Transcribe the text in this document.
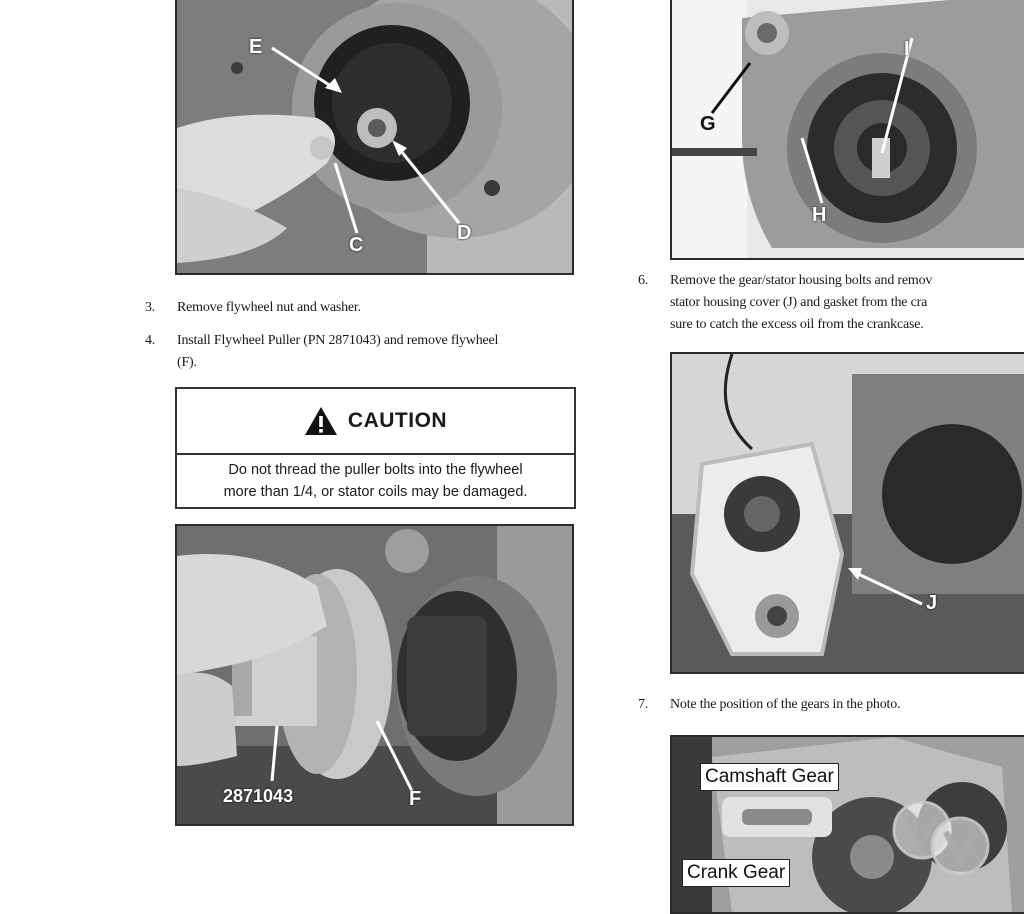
E
C
D
G
I
H
3.	Remove flywheel nut and washer.
4.	Install Flywheel Puller (PN 2871043) and remove flywheel
(F).
CAUTION
Do not thread the puller bolts into the flywheel
more than 1/4, or stator coils may be damaged.
2871043	F
6.	Remove the gear/stator housing bolts and remov
stator housing cover (J) and gasket from the cra
sure to catch the excess oil from the crankcase.
J
7.	Note the position of the gears in the photo.
Camshaft Gear
Crank Gear
